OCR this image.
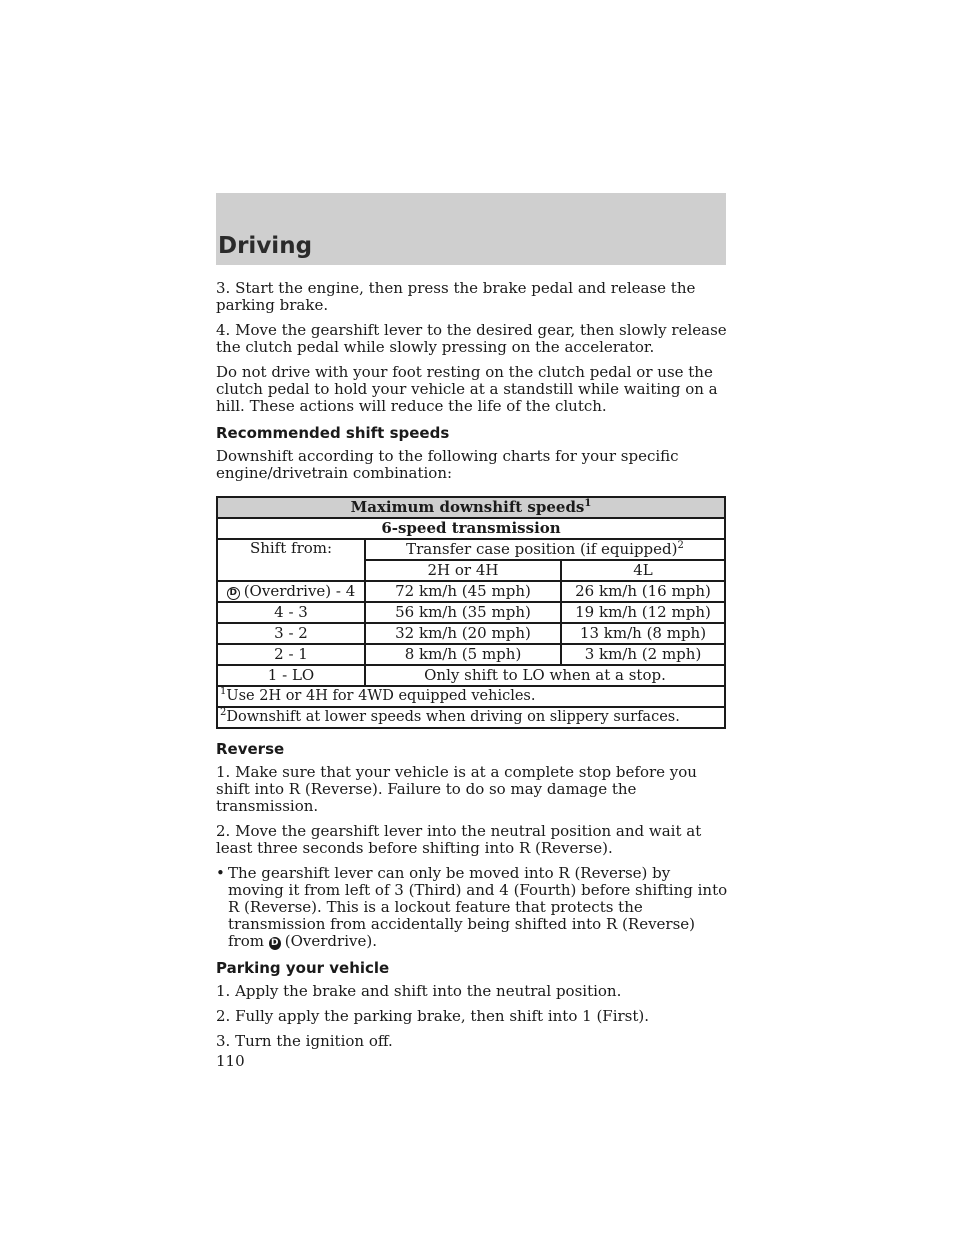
Driving

3. Start the engine, then press the brake pedal and release the parking brake.

4. Move the gearshift lever to the desired gear, then slowly release the clutch pedal while slowly pressing on the accelerator.

Do not drive with your foot resting on the clutch pedal or use the clutch pedal to hold your vehicle at a standstill while waiting on a hill. These actions will reduce the life of the clutch.

Recommended shift speeds

Downshift according to the following charts for your specific engine/drivetrain combination:

Maximum downshift speeds$^1$
6-speed transmission		
Shift from:	Transfer case position (if equipped)$^2$
	2H or 4H	4L
D (Overdrive) - 4	72 km/h (45 mph)	26 km/h (16 mph)
4 - 3	56 km/h (35 mph)	19 km/h (12 mph)
3 - 2	32 km/h (20 mph)	13 km/h (8 mph)
2 - 1	8 km/h (5 mph)	3 km/h (2 mph)
1 - LO	Only shift to LO when at a stop.	
$^1$Use 2H or 4H for 4WD equipped vehicles.		
$^2$Downshift at lower speeds when driving on slippery surfaces.		
Reverse

1. Make sure that your vehicle is at a complete stop before you shift into R (Reverse). Failure to do so may damage the transmission.

2. Move the gearshift lever into the neutral position and wait at least three seconds before shifting into R (Reverse).

• The gearshift lever can only be moved into R (Reverse) by moving it from left of 3 (Third) and 4 (Fourth) before shifting into R (Reverse). This is a lockout feature that protects the transmission from accidentally being shifted into R (Reverse) from D (Overdrive).
Parking your vehicle

1. Apply the brake and shift into the neutral position.

2. Fully apply the parking brake, then shift into 1 (First).

3. Turn the ignition off.

110
